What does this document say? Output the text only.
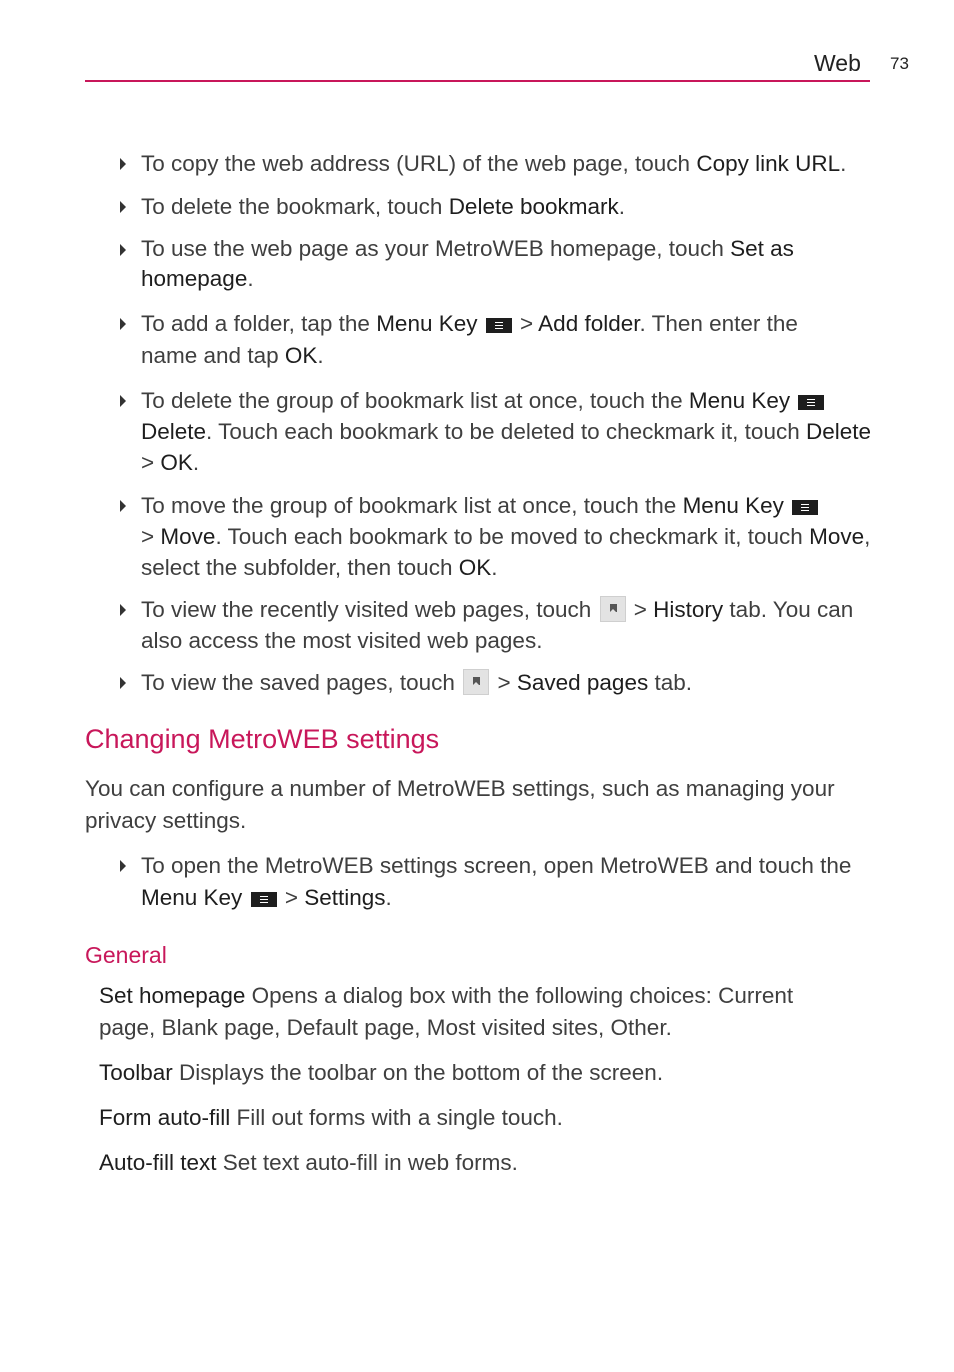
Web 73
To copy the web address (URL) of the web page, touch Copy link URL.
To delete the bookmark, touch Delete bookmark.
To use the web page as your MetroWEB homepage, touch Set as homepage.
To add a folder, tap the Menu Key  > Add folder. Then enter the name and tap OK.
To delete the group of bookmark list at once, touch the Menu Key
Delete. Touch each bookmark to be deleted to checkmark it, touch Delete > OK.
To move the group of bookmark list at once, touch the Menu Key
> Move. Touch each bookmark to be moved to checkmark it, touch Move, select the subfolder, then touch OK.
To view the recently visited web pages, touch  > History tab. You can also access the most visited web pages.
To view the saved pages, touch  > Saved pages tab.
Changing MetroWEB settings
You can configure a number of MetroWEB settings, such as managing your privacy settings.
To open the MetroWEB settings screen, open MetroWEB and touch the Menu Key  > Settings.
General
Set homepage Opens a dialog box with the following choices: Current page, Blank page, Default page, Most visited sites, Other.
Toolbar Displays the toolbar on the bottom of the screen.
Form auto-fill Fill out forms with a single touch.
Auto-fill text Set text auto-fill in web forms.
